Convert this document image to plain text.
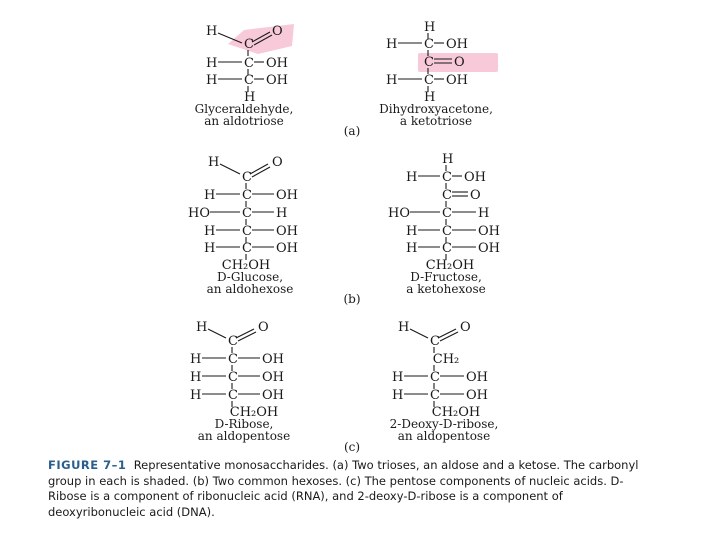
H
C
O
H C OH
H C OH
H
Glyceraldehyde,
an aldotriose
H
H C OH
C O
H C OH
H
Dihydroxyacetone,
a ketotriose
(a)
H
C
O
H C OH
HO C H
H C OH
H C OH
CH₂OH
D-Glucose,
an aldohexose
H
H C OH
C O
HO C H
H C OH
H C OH
CH₂OH
D-Fructose,
a ketohexose
(b)
H
C
O
H C OH
H C OH
H C OH
CH₂OH
D-Ribose,
an aldopentose
H
C
O
CH₂
H C OH
H C OH
CH₂OH
2-Deoxy-D-ribose,
an aldopentose
(c)

FIGURE 7–1 Representative monosaccharides. (a) Two trioses, an aldose and a ketose. The carbonyl group in each is shaded. (b) Two common hexoses. (c) The pentose components of nucleic acids. D-Ribose is a component of ribonucleic acid (RNA), and 2-deoxy-D-ribose is a component of deoxyribonucleic acid (DNA).
